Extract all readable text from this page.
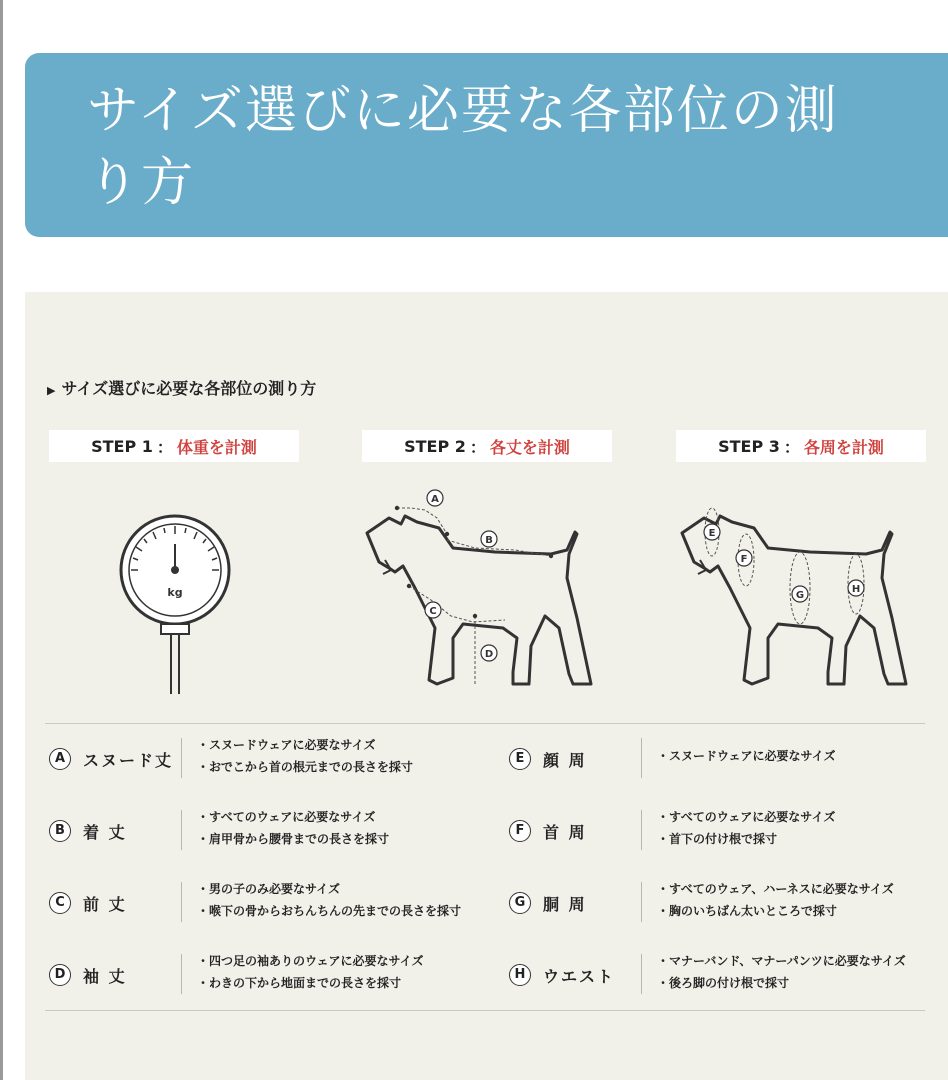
サイズ選びに必要な各部位の測り方
▶ サイズ選びに必要な各部位の測り方
STEP 1 ： 体重を計測	STEP 2 ： 各丈を計測	STEP 3 ： 各周を計測
kg
A
B
C
D
E
F
G
H
A	スヌード丈
・スヌードウェアに必要なサイズ
・おでこから首の根元までの長さを採寸
E	顔 周	・スヌードウェアに必要なサイズ
B	着 丈
・すべてのウェアに必要なサイズ
・肩甲骨から腰骨までの長さを採寸
F	首 周
・すべてのウェアに必要なサイズ
・首下の付け根で採寸
C	前 丈
・男の子のみ必要なサイズ
・喉下の骨からおちんちんの先までの長さを採寸
G	胴 周
・すべてのウェア、ハーネスに必要なサイズ
・胸のいちばん太いところで採寸
D	袖 丈
・四つ足の袖ありのウェアに必要なサイズ
・わきの下から地面までの長さを採寸
H	ウエスト
・マナーバンド、マナーパンツに必要なサイズ
・後ろ脚の付け根で採寸
